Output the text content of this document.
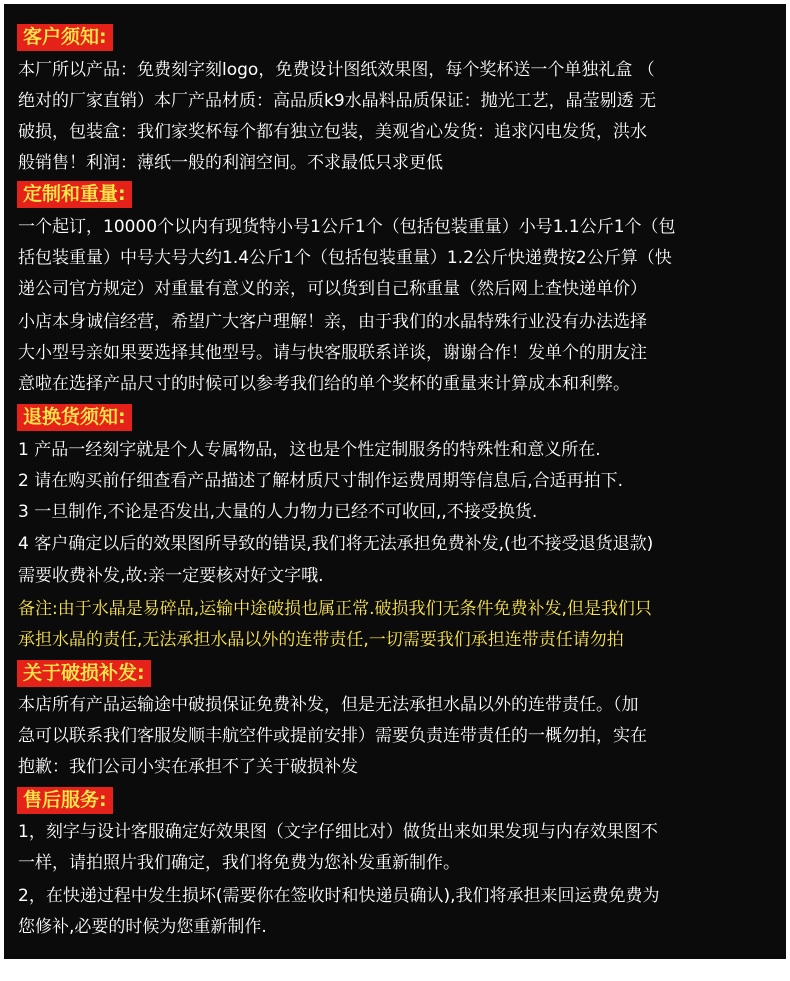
客户须知:
本厂所以产品：免费刻字刻logo，免费设计图纸效果图，每个奖杯送一个单独礼盒 （
绝对的厂家直销）本厂产品材质：高品质k9水晶料品质保证：抛光工艺，晶莹剔透 无
破损，包装盒：我们家奖杯每个都有独立包装，美观省心发货：追求闪电发货，洪水
般销售！利润：薄纸一般的利润空间。不求最低只求更低
定制和重量:
一个起订，10000个以内有现货特小号1公斤1个（包括包装重量）小号1.1公斤1个（包
括包装重量）中号大号大约1.4公斤1个（包括包装重量）1.2公斤快递费按2公斤算（快
递公司官方规定）对重量有意义的亲，可以货到自己称重量（然后网上查快递单价）
小店本身诚信经营，希望广大客户理解！亲，由于我们的水晶特殊行业没有办法选择
大小型号亲如果要选择其他型号。请与快客服联系详谈，谢谢合作！发单个的朋友注
意啦在选择产品尺寸的时候可以参考我们给的单个奖杯的重量来计算成本和利弊。
退换货须知:
1 产品一经刻字就是个人专属物品，这也是个性定制服务的特殊性和意义所在.
2 请在购买前仔细查看产品描述了解材质尺寸制作运费周期等信息后,合适再拍下.
3 一旦制作,不论是否发出,大量的人力物力已经不可收回,,不接受换货.
4 客户确定以后的效果图所导致的错误,我们将无法承担免费补发,(也不接受退货退款)
需要收费补发,故:亲一定要核对好文字哦.
备注:由于水晶是易碎品,运输中途破损也属正常.破损我们无条件免费补发,但是我们只
承担水晶的责任,无法承担水晶以外的连带责任,一切需要我们承担连带责任请勿拍
关于破损补发:
本店所有产品运输途中破损保证免费补发，但是无法承担水晶以外的连带责任。（加
急可以联系我们客服发顺丰航空件或提前安排）需要负责连带责任的一概勿拍，实在
抱歉：我们公司小实在承担不了关于破损补发
售后服务:
1，刻字与设计客服确定好效果图（文字仔细比对）做货出来如果发现与内存效果图不
一样，请拍照片我们确定，我们将免费为您补发重新制作。
2，在快递过程中发生损坏(需要你在签收时和快递员确认),我们将承担来回运费免费为
您修补,必要的时候为您重新制作.
